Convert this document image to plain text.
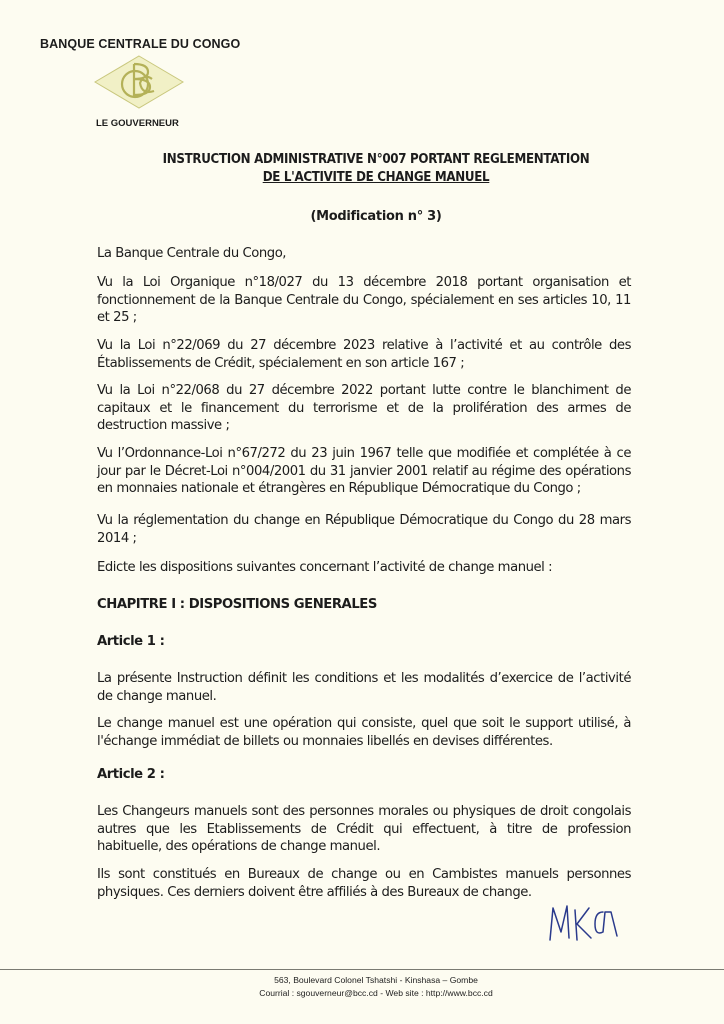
BANQUE CENTRALE DU CONGO
LE GOUVERNEUR
INSTRUCTION ADMINISTRATIVE N°007 PORTANT REGLEMENTATION
DE L'ACTIVITE DE CHANGE MANUEL
(Modification n° 3)
La Banque Centrale du Congo,
Vu la Loi Organique n°18/027 du 13 décembre 2018 portant organisation et fonctionnement de la Banque Centrale du Congo, spécialement en ses articles 10, 11 et 25 ;
Vu la Loi n°22/069 du 27 décembre 2023 relative à l’activité et au contrôle des Établissements de Crédit, spécialement en son article 167 ;
Vu la Loi n°22/068 du 27 décembre 2022 portant lutte contre le blanchiment de capitaux et le financement du terrorisme et de la prolifération des armes de destruction massive ;
Vu l’Ordonnance-Loi n°67/272 du 23 juin 1967 telle que modifiée et complétée à ce jour par le Décret-Loi n°004/2001 du 31 janvier 2001 relatif au régime des opérations en monnaies nationale et étrangères en République Démocratique du Congo ;
Vu la réglementation du change en République Démocratique du Congo du 28 mars 2014 ;
Edicte les dispositions suivantes concernant l’activité de change manuel :
CHAPITRE I : DISPOSITIONS GENERALES
Article 1 :
La présente Instruction définit les conditions et les modalités d’exercice de l’activité de change manuel.
Le change manuel est une opération qui consiste, quel que soit le support utilisé, à l'échange immédiat de billets ou monnaies libellés en devises différentes.
Article 2 :
Les Changeurs manuels sont des personnes morales ou physiques de droit congolais autres que les Etablissements de Crédit qui effectuent, à titre de profession habituelle, des opérations de change manuel.
Ils sont constitués en Bureaux de change ou en Cambistes manuels personnes physiques. Ces derniers doivent être affiliés à des Bureaux de change.
563, Boulevard Colonel Tshatshi - Kinshasa – Gombe
Courrial : sgouverneur@bcc.cd - Web site : http://www.bcc.cd
